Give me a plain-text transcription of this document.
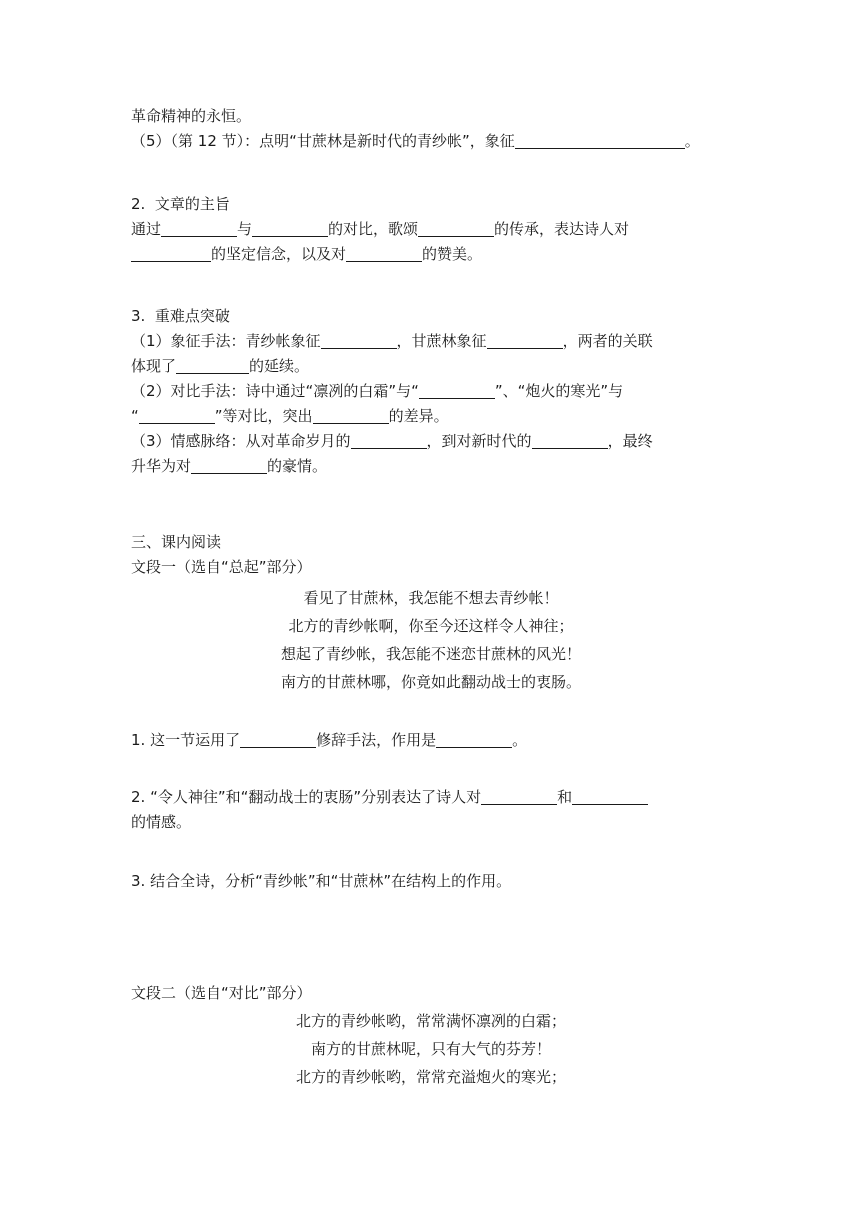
革命精神的永恒。
（5）（第 12 节）：点明“甘蔗林是新时代的青纱帐”，象征	。
2.  文章的主旨
通过	与	的对比，歌颂	的传承，表达诗人对
的坚定信念，以及对	的赞美。
3.  重难点突破
（1）象征手法：青纱帐象征	，甘蔗林象征	，两者的关联
体现了	的延续。
（2）对比手法：诗中通过“凛冽的白霜”与“	”、“炮火的寒光”与
“	”等对比，突出	的差异。
（3）情感脉络：从对革命岁月的	，到对新时代的	，最终
升华为对	的豪情。
三、课内阅读
文段一（选自“总起”部分）
看见了甘蔗林，我怎能不想去青纱帐！
北方的青纱帐啊，你至今还这样令人神往；
想起了青纱帐，我怎能不迷恋甘蔗林的风光！
南方的甘蔗林哪，你竟如此翻动战士的衷肠。
1. 这一节运用了	修辞手法，作用是	。
2. “令人神往”和“翻动战士的衷肠”分别表达了诗人对	和
的情感。
3. 结合全诗，分析“青纱帐”和“甘蔗林”在结构上的作用。
文段二（选自“对比”部分）
北方的青纱帐哟，常常满怀凛冽的白霜；
南方的甘蔗林呢，只有大气的芬芳！
北方的青纱帐哟，常常充溢炮火的寒光；
